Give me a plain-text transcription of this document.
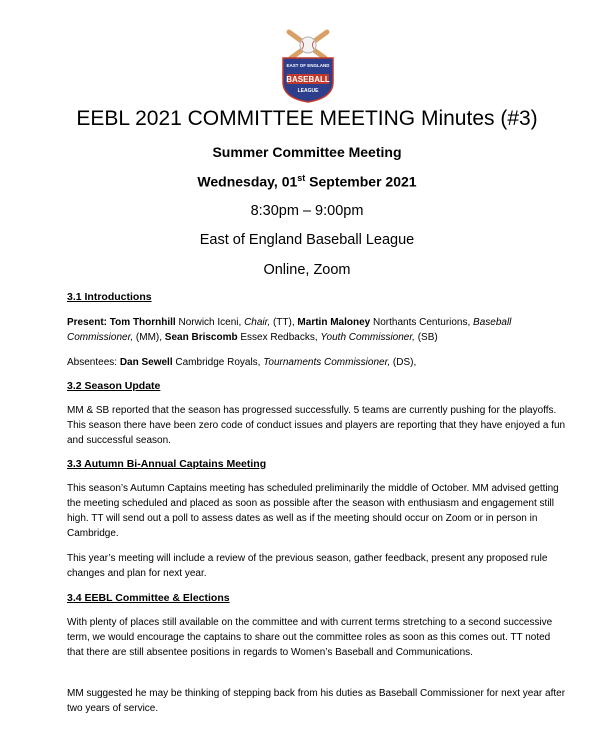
EAST OF ENGLAND
BASEBALL
LEAGUE
EEBL 2021 COMMITTEE MEETING Minutes (#3)
Summer Committee Meeting
Wednesday, 01st September 2021
8:30pm – 9:00pm
East of England Baseball League
Online, Zoom
3.1 Introductions
Present: Tom Thornhill Norwich Iceni, Chair, (TT), Martin Maloney Northants Centurions, Baseball Commissioner, (MM), Sean Briscomb Essex Redbacks, Youth Commissioner, (SB)
Absentees: Dan Sewell Cambridge Royals, Tournaments Commissioner, (DS),
3.2 Season Update
MM & SB reported that the season has progressed successfully. 5 teams are currently pushing for the playoffs. This season there have been zero code of conduct issues and players are reporting that they have enjoyed a fun and successful season.
3.3 Autumn Bi-Annual Captains Meeting
This season’s Autumn Captains meeting has scheduled preliminarily the middle of October. MM advised getting the meeting scheduled and placed as soon as possible after the season with enthusiasm and engagement still high. TT will send out a poll to assess dates as well as if the meeting should occur on Zoom or in person in Cambridge.
This year’s meeting will include a review of the previous season, gather feedback, present any proposed rule changes and plan for next year.
3.4 EEBL Committee & Elections
With plenty of places still available on the committee and with current terms stretching to a second successive term, we would encourage the captains to share out the committee roles as soon as this comes out. TT noted that there are still absentee positions in regards to Women’s Baseball and Communications.
MM suggested he may be thinking of stepping back from his duties as Baseball Commissioner for next year after two years of service.
